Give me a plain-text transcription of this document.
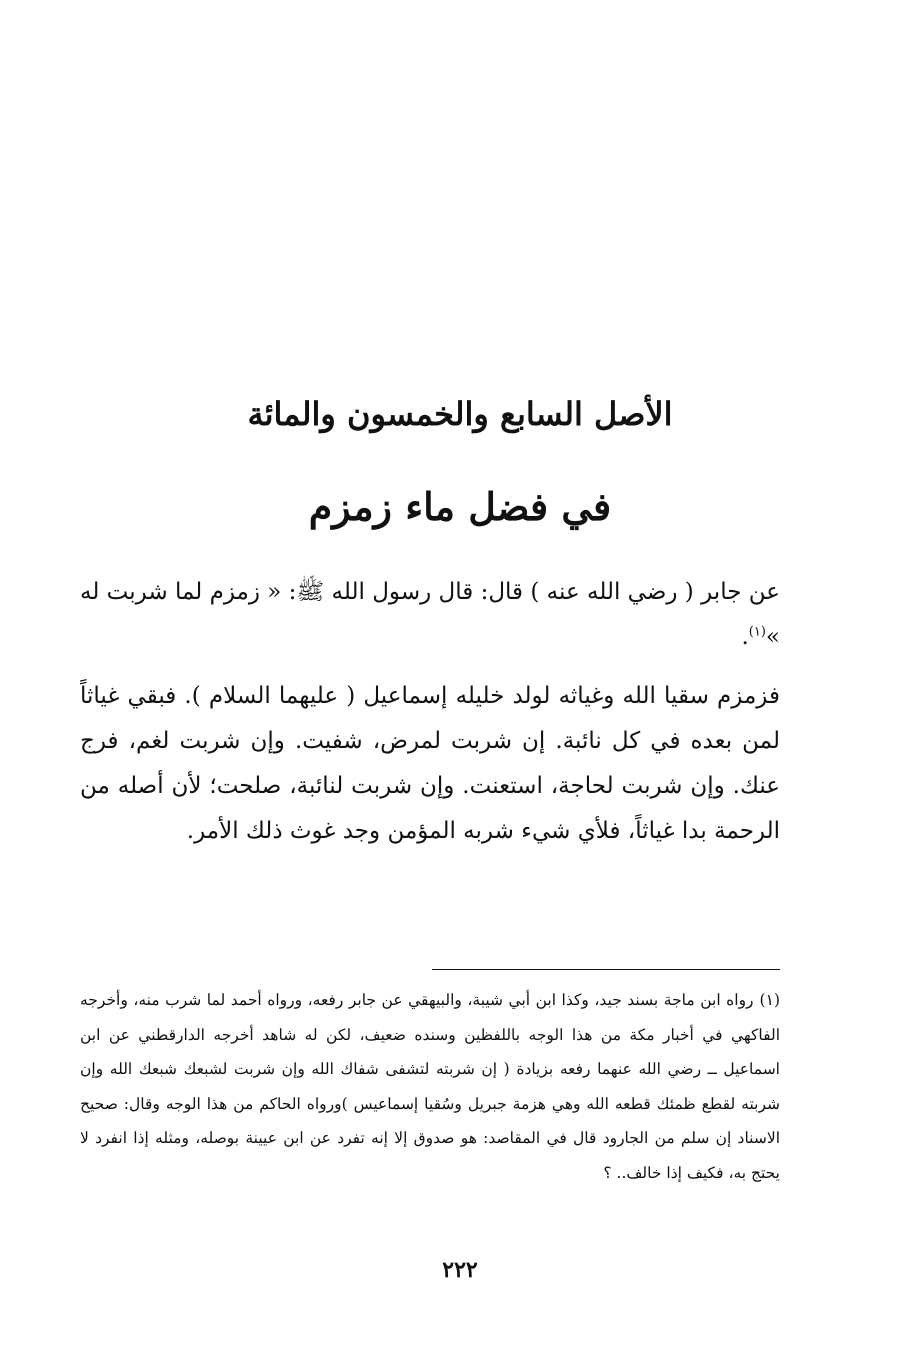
الأصل السابع والخمسون والمائة
في فضل ماء زمزم

عن جابر ( رضي الله عنه ) قال: قال رسول الله ﷺ: « زمزم لما شربت له »$^{(١)}$.

فزمزم سقيا الله وغياثه لولد خليله إسماعيل ( عليهما السلام ). فبقي غياثاً لمن بعده في كل نائبة. إن شربت لمرض، شفيت. وإن شربت لغم، فرج عنك. وإن شربت لحاجة، استعنت. وإن شربت لنائبة، صلحت؛ لأن أصله من الرحمة بدا غياثاً، فلأي شيء شربه المؤمن وجد غوث ذلك الأمر.

(١)رواه ابن ماجة بسند جيد، وكذا ابن أبي شيبة، والبيهقي عن جابر رفعه، ورواه أحمد لما شرب منه، وأخرجه الفاكهي في أخبار مكة من هذا الوجه باللفظين وسنده ضعيف، لكن له شاهد أخرجه الدارقطني عن ابن اسماعيل ــ رضي الله عنهما رفعه بزيادة ( إن شربته لتشفى شفاك الله وإن شربت لشبعك شبعك الله وإن شربته لقطع ظمئك قطعه الله وهي هزمة جبريل وسُقيا إسماعيس )ورواه الحاكم من هذا الوجه وقال: صحيح الاسناد إن سلم من الجارود قال في المقاصد: هو صدوق إلا إنه تفرد عن ابن عيينة بوصله، ومثله إذا انفرد لا يحتج به، فكيف إذا خالف.. ؟

٢٢٢
